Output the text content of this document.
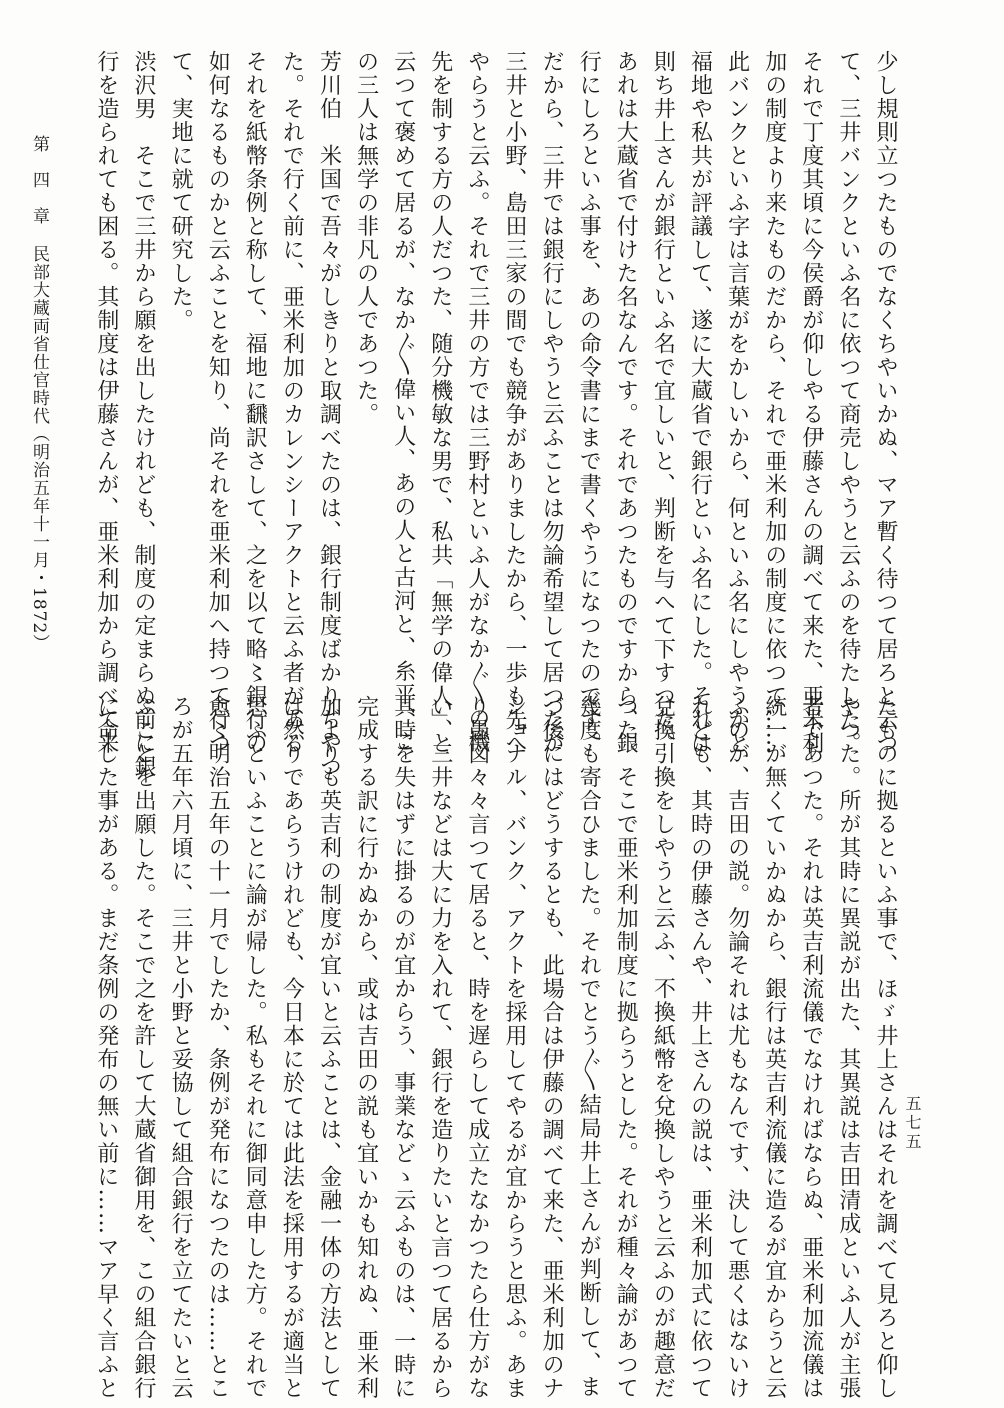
第　四　章
民部大蔵両省仕官時代
（明治五年十一月・1872）	少し規則立つたものでなくちやいかぬ、マア暫く待つて居ろと云つ
て、三井バンクといふ名に依つて商売しやうと云ふのを待たした。
それで丁度其頃に今侯爵が仰しやる伊藤さんの調べて来た、亜米利
加の制度より来たものだから、それで亜米利加の制度に依つて……
此バンクといふ字は言葉がをかしいから、何といふ名にしやうかと
福地や私共が評議して、遂に大蔵省で銀行といふ名にした。それは
則ち井上さんが銀行といふ名で宜しいと、判断を与へて下すつた。
あれは大蔵省で付けた名なんです。それであつたものですから、銀
行にしろといふ事を、あの命令書にまで書くやうになつたのです。
だから、三井では銀行にしやうと云ふことは勿論希望して居つたが
三井と小野、島田三家の間でも競争がありましたから、一歩も先へ
やらうと云ふ。それで三井の方では三野村といふ人がなか〲の機
先を制する方の人だつた、随分機敏な男で、私共「無学の偉人」と
云つて褒めて居るが、なか〲偉い人、あの人と古河と、糸平、こ
の三人は無学の非凡の人であつた。
芳川伯　米国で吾々がしきりと取調べたのは、銀行制度ばかりぢやつ
た。それで行く前に、亜米利加のカレンシーアクトと云ふ者がある
それを紙幣条例と称して、福地に飜訳さして、之を以て略〻銀行の
如何なるものかと云ふことを知り、尚それを亜米利加へ持つて行つ
て、実地に就て研究した。
渋沢男　そこで三井から願を出したけれども、制度の定まらぬ前に銀
行を造られても困る。其制度は伊藤さんが、亜米利加から調べて来
たものに拠るといふ事で、ほゞ井上さんはそれを調べて見ろと仰し
やつた。所が其時に異説が出た、其異説は吉田清成といふ人が主張
者であつた。それは英吉利流儀でなければならぬ、亜米利加流儀は
統一が無くていかぬから、銀行は英吉利流儀に造るが宜からうと云
ふのが、吉田の説。勿論それは尤もなんです、決して悪くはないけ
れども、其時の伊藤さんや、井上さんの説は、亜米利加式に依つて
兌換引換をしやうと云ふ、不換紙幣を兌換しやうと云ふのが趣意だ
つた。そこで亜米利加制度に拠らうとした。それが種々論があつて
幾度も寄合ひました。それでとう〲結局井上さんが判断して、ま
づ後にはどうするとも、此場合は伊藤の調べて来た、亜米利加のナ
ショナル、バンク、アクトを採用してやるが宜からうと思ふ。あま
り愚図々々言つて居ると、時を遅らして成立たなかつたら仕方がな
い、三井などは大に力を入れて、銀行を造りたいと言つて居るから
其時を失はずに掛るのが宜からう、事業などゝ云ふものは、一時に
完成する訳に行かぬから、或は吉田の説も宜いかも知れぬ、亜米利
加よりも英吉利の制度が宜いと云ふことは、金融一体の方法として
は然りであらうけれども、今日本に於ては此法を採用するが適当と
思ふといふことに論が帰した。私もそれに御同意申した方。それで
愈〻明治五年の十一月でしたか、条例が発布になつたのは……とこ
ろが五年六月頃に、三井と小野と妥協して組合銀行を立てたいと云
ふことを出願した。そこで之を許して大蔵省御用を、この組合銀行
に命じた事がある。まだ条例の発布の無い前に……マア早く言ふと	五七五
